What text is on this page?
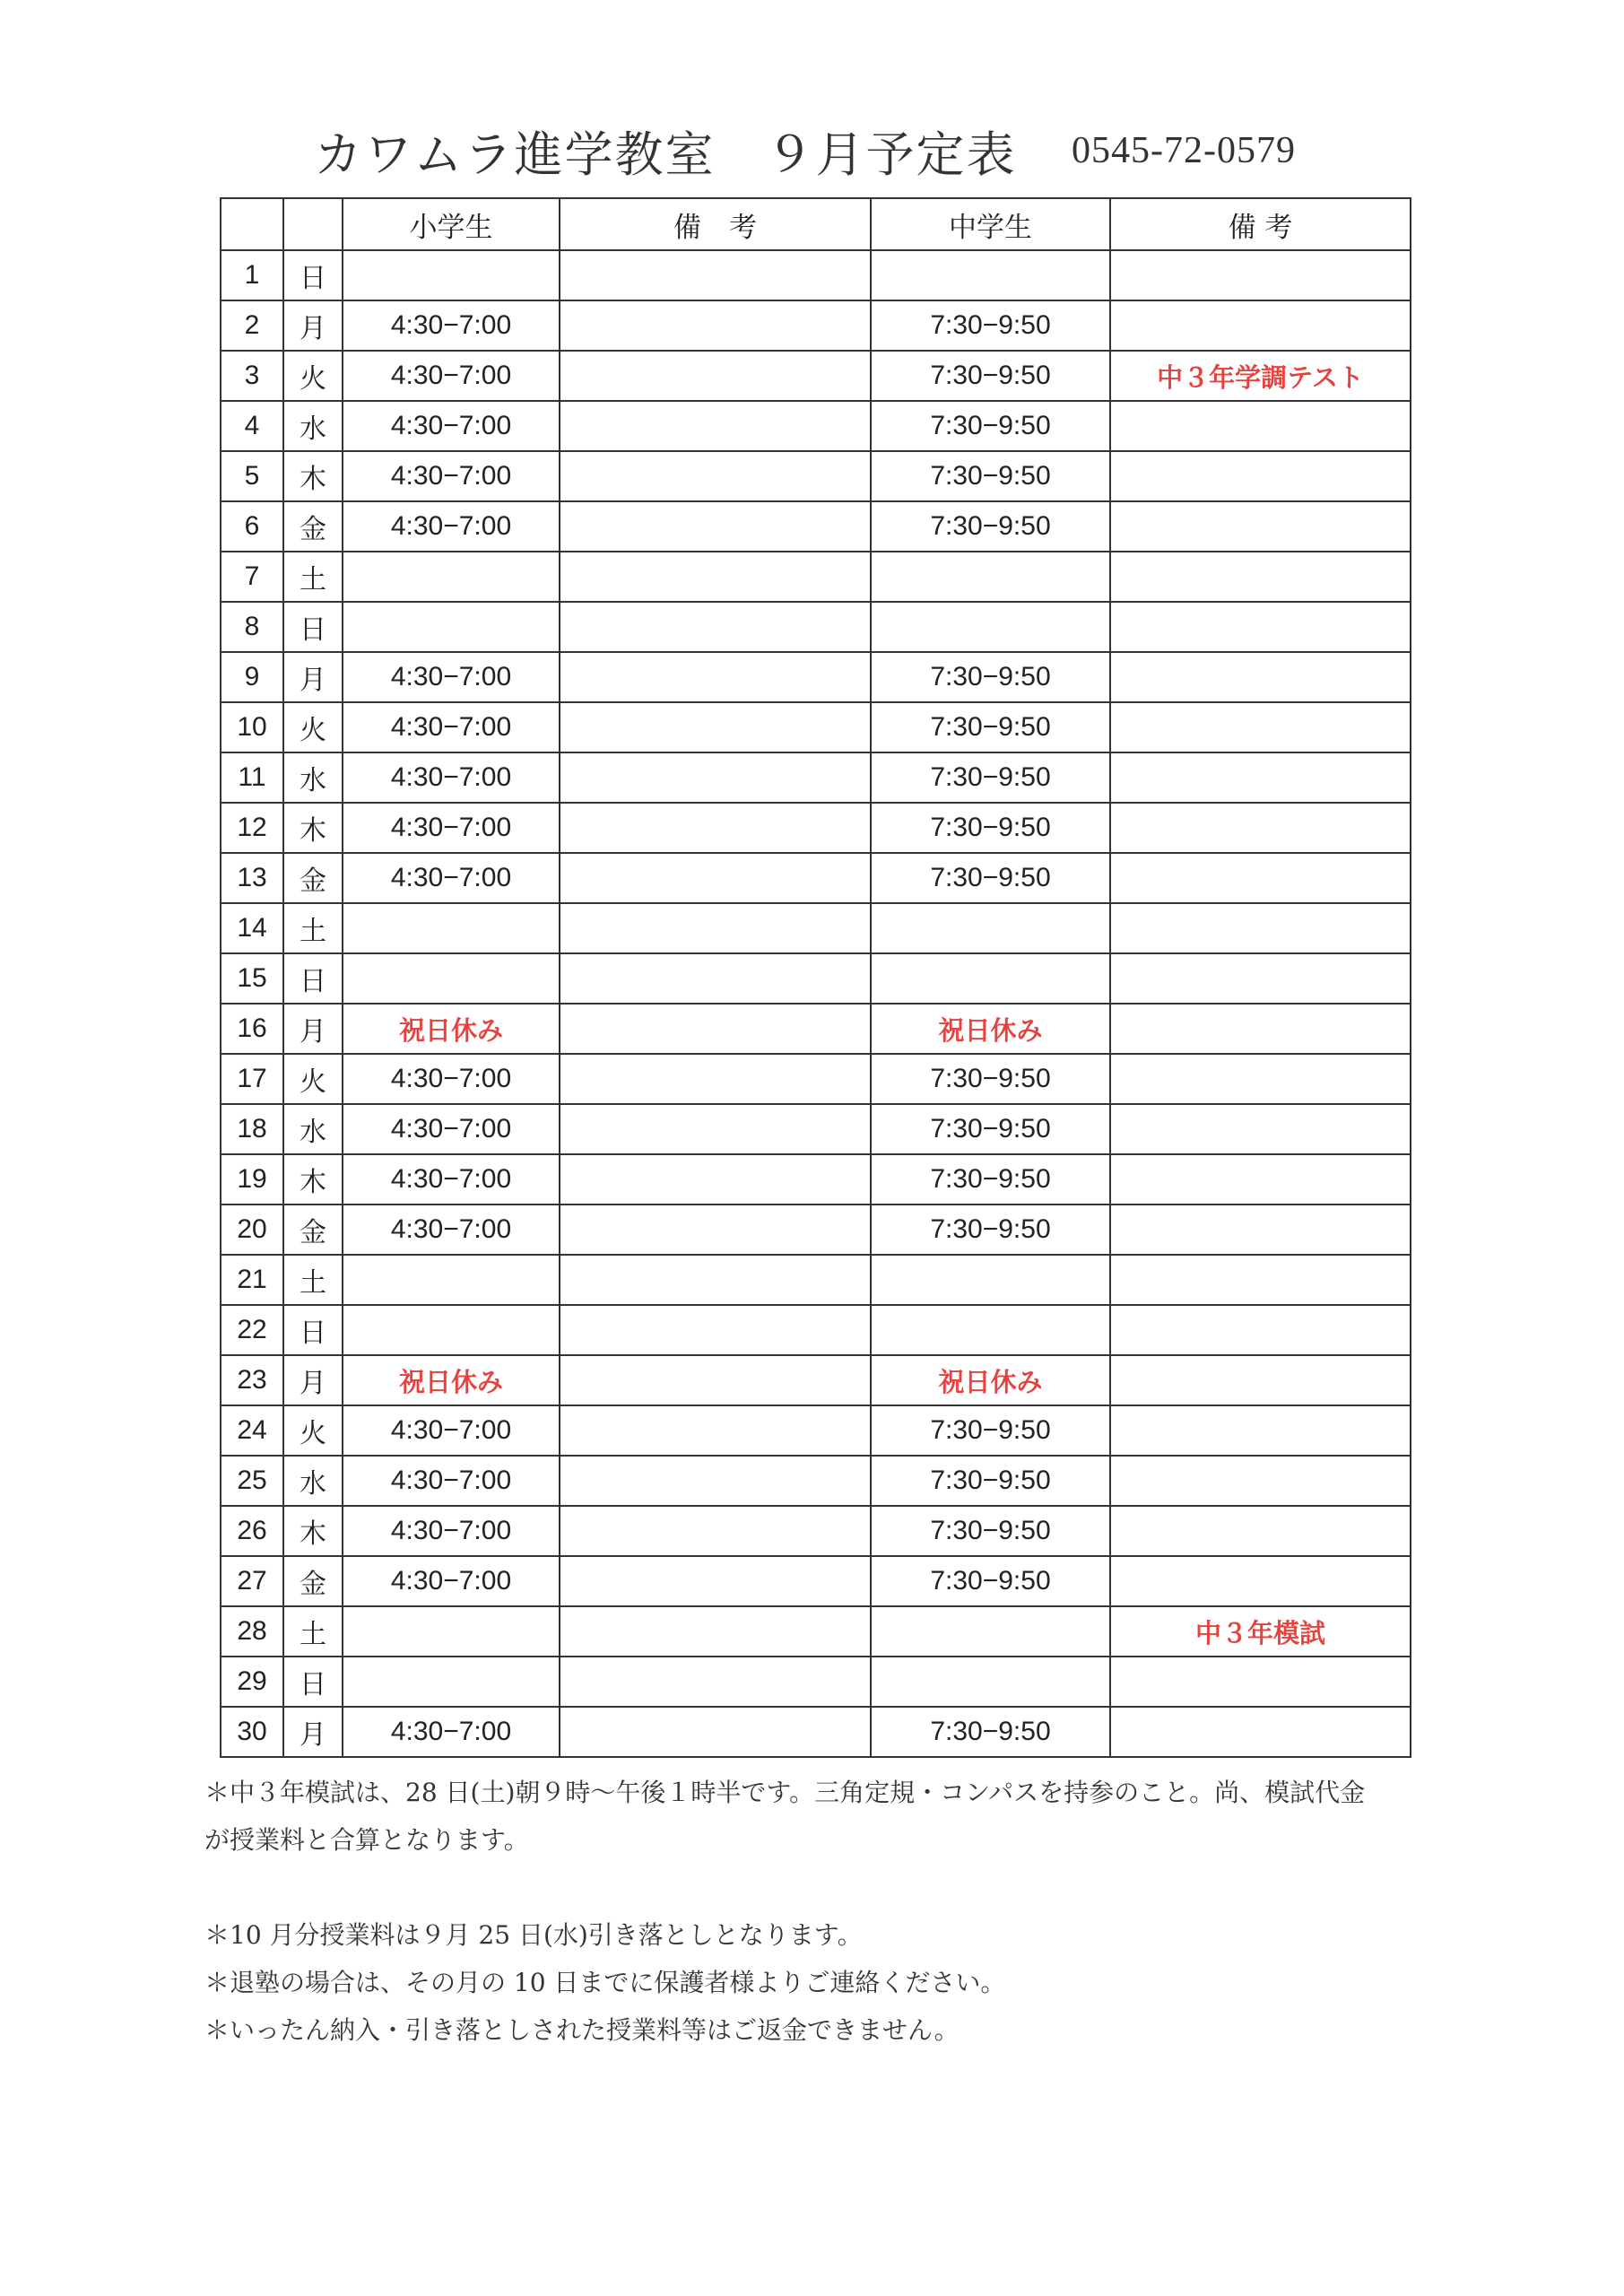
カワムラ進学教室　９月予定表 0545-72-0579
		小学生	備　考	中学生	備 考
1	日				
2	月	4:30−7:00		7:30−9:50	
3	火	4:30−7:00		7:30−9:50	中３年学調テスト
4	水	4:30−7:00		7:30−9:50	
5	木	4:30−7:00		7:30−9:50	
6	金	4:30−7:00		7:30−9:50	
7	土				
8	日				
9	月	4:30−7:00		7:30−9:50	
10	火	4:30−7:00		7:30−9:50	
11	水	4:30−7:00		7:30−9:50	
12	木	4:30−7:00		7:30−9:50	
13	金	4:30−7:00		7:30−9:50	
14	土				
15	日				
16	月	祝日休み		祝日休み	
17	火	4:30−7:00		7:30−9:50	
18	水	4:30−7:00		7:30−9:50	
19	木	4:30−7:00		7:30−9:50	
20	金	4:30−7:00		7:30−9:50	
21	土				
22	日				
23	月	祝日休み		祝日休み	
24	火	4:30−7:00		7:30−9:50	
25	水	4:30−7:00		7:30−9:50	
26	木	4:30−7:00		7:30−9:50	
27	金	4:30−7:00		7:30−9:50	
28	土				中３年模試
29	日				
30	月	4:30−7:00		7:30−9:50	

＊中３年模試は、28 日(土)朝９時～午後１時半です。三角定規・コンパスを持参のこと。尚、模試代金

が授業料と合算となります。

＊10 月分授業料は９月 25 日(水)引き落としとなります。

＊退塾の場合は、その月の 10 日までに保護者様よりご連絡ください。

＊いったん納入・引き落としされた授業料等はご返金できません。
